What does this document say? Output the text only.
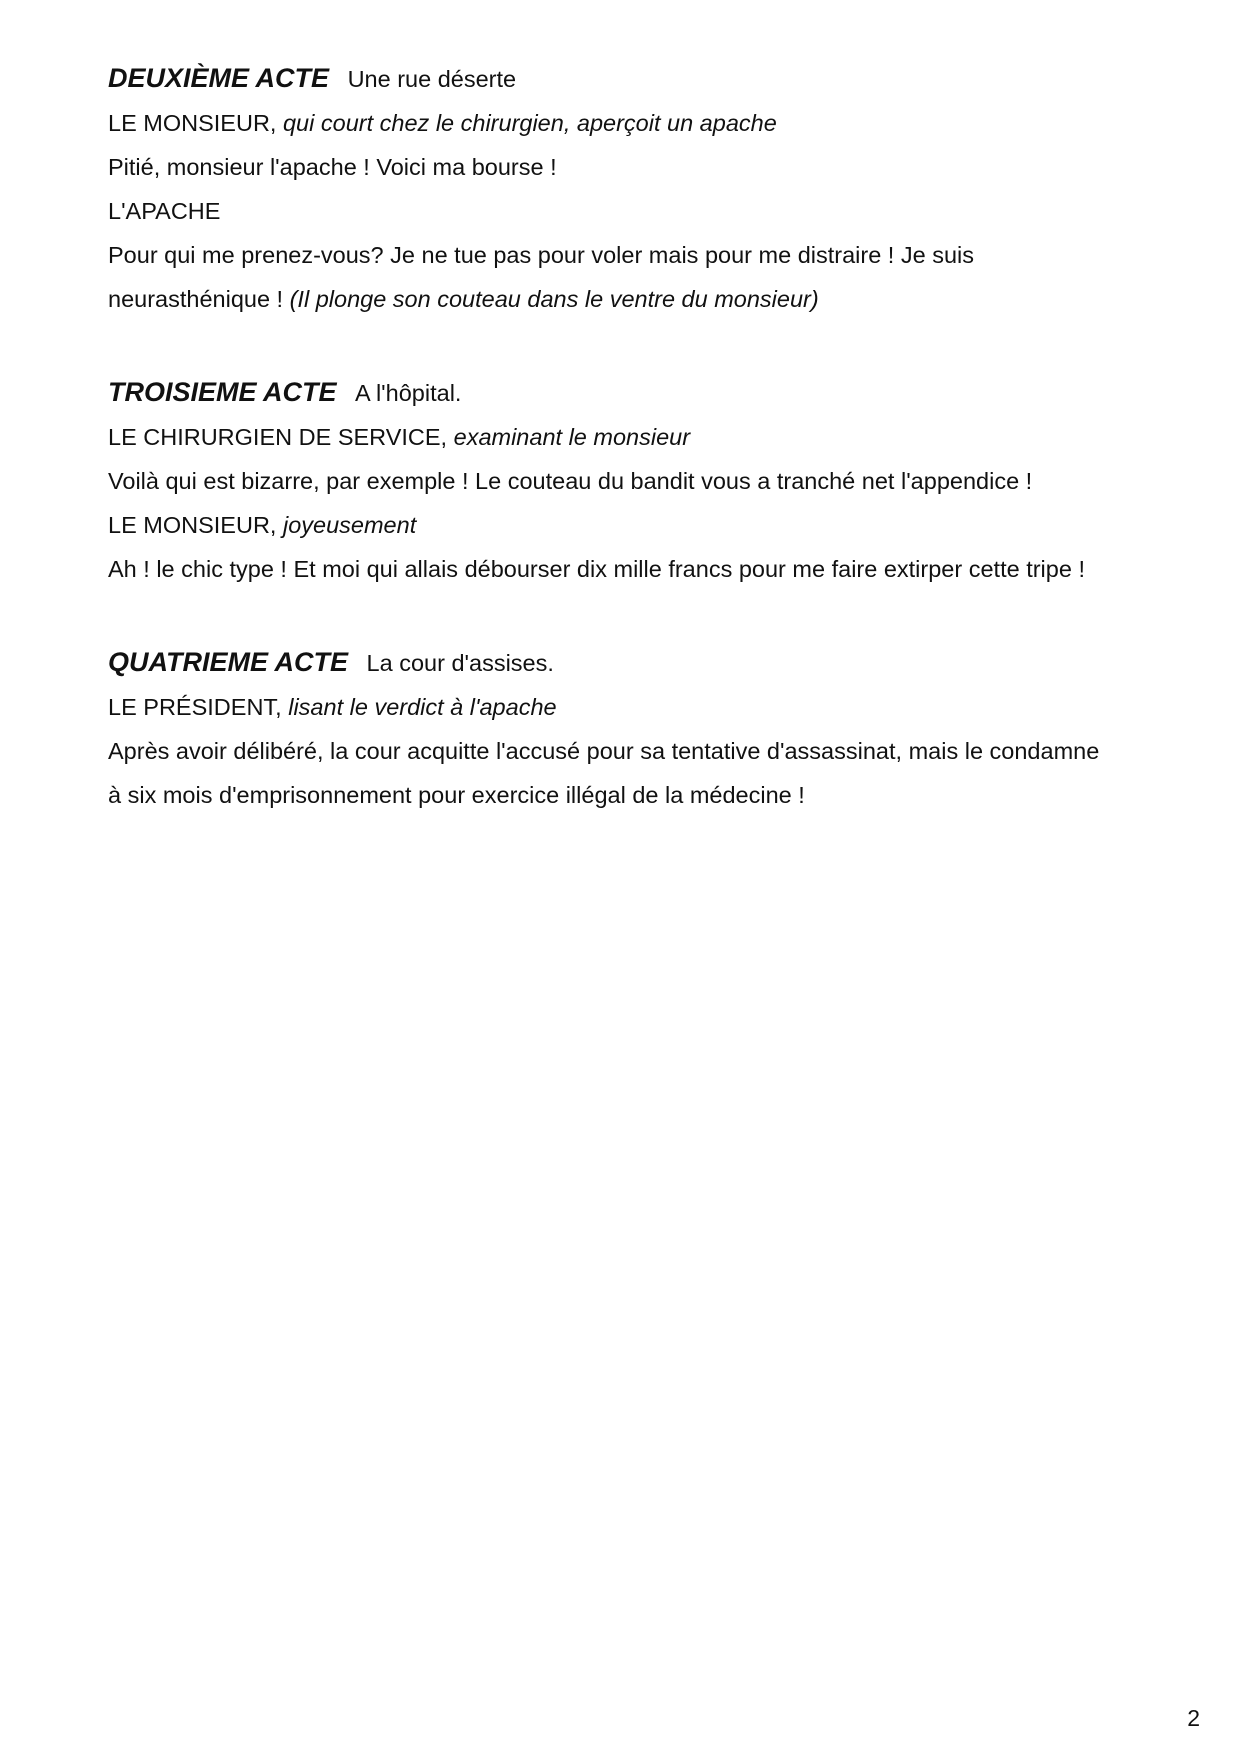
DEUXIÈME ACTE Une rue déserte

LE MONSIEUR, qui court chez le chirurgien, aperçoit un apache

Pitié, monsieur l'apache ! Voici ma bourse !

L'APACHE

Pour qui me prenez-vous? Je ne tue pas pour voler mais pour me distraire ! Je suis

neurasthénique ! (Il plonge son couteau dans le ventre du monsieur)

TROISIEME ACTE A l'hôpital.

LE CHIRURGIEN DE SERVICE, examinant le monsieur

Voilà qui est bizarre, par exemple ! Le couteau du bandit vous a tranché net l'appendice !

LE MONSIEUR, joyeusement

Ah ! le chic type ! Et moi qui allais débourser dix mille francs pour me faire extirper cette tripe !

QUATRIEME ACTE La cour d'assises.

LE PRÉSIDENT, lisant le verdict à l'apache

Après avoir délibéré, la cour acquitte l'accusé pour sa tentative d'assassinat, mais le condamne

à six mois d'emprisonnement pour exercice illégal de la médecine !

2
